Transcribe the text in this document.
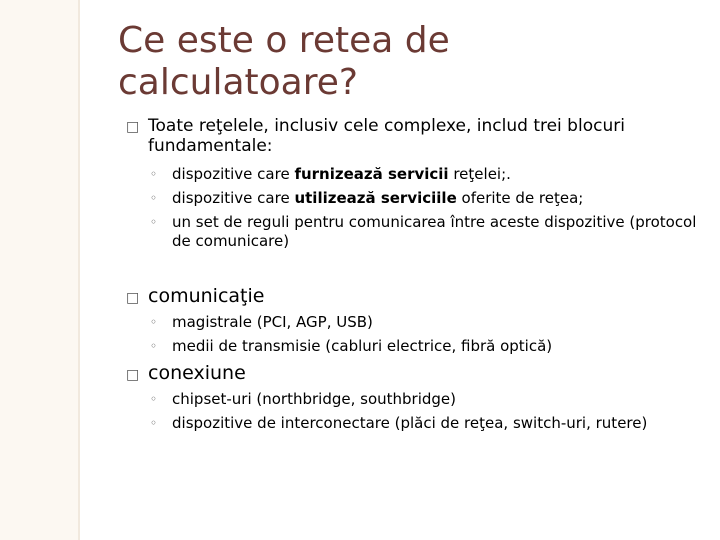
Ce este o retea de calculatoare?
□ Toate reţelele, inclusiv cele complexe, includ trei blocuri fundamentale:
◦ dispozitive care furnizează servicii reţelei;.
◦ dispozitive care utilizează serviciile oferite de reţea;
◦ un set de reguli pentru comunicarea între aceste dispozitive (protocol de comunicare)
□ comunicaţie
◦ magistrale (PCI, AGP, USB)
◦ medii de transmisie (cabluri electrice, fibră optică)
□ conexiune
◦ chipset-uri (northbridge, southbridge)
◦ dispozitive de interconectare (plăci de reţea, switch-uri, rutere)
